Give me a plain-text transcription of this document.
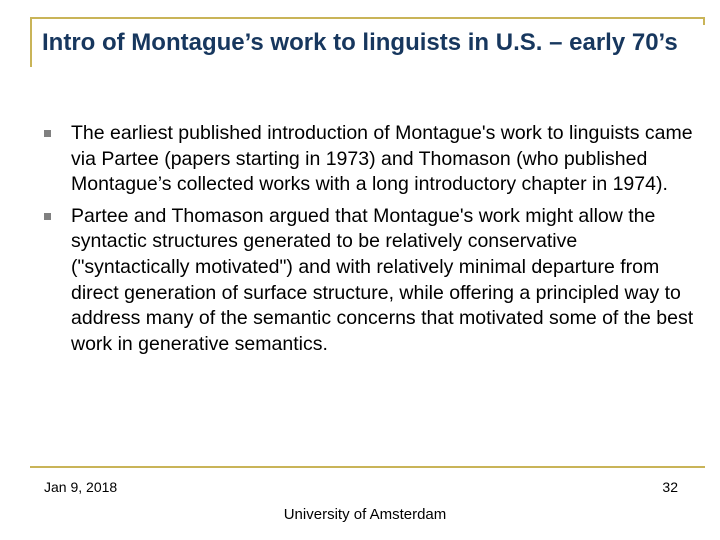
Intro of Montague’s work to linguists in U.S. – early 70’s
The earliest published introduction of Montague's work to linguists came via Partee (papers starting in 1973) and Thomason (who published Montague’s collected works with a long introductory chapter in 1974).
Partee and Thomason argued that Montague's work might allow the syntactic structures generated to be relatively conservative ("syntactically motivated") and with relatively minimal departure from direct generation of surface structure, while offering a principled way to address many of the semantic concerns that motivated some of the best work in generative semantics.
Jan 9, 2018
University of Amsterdam
32
